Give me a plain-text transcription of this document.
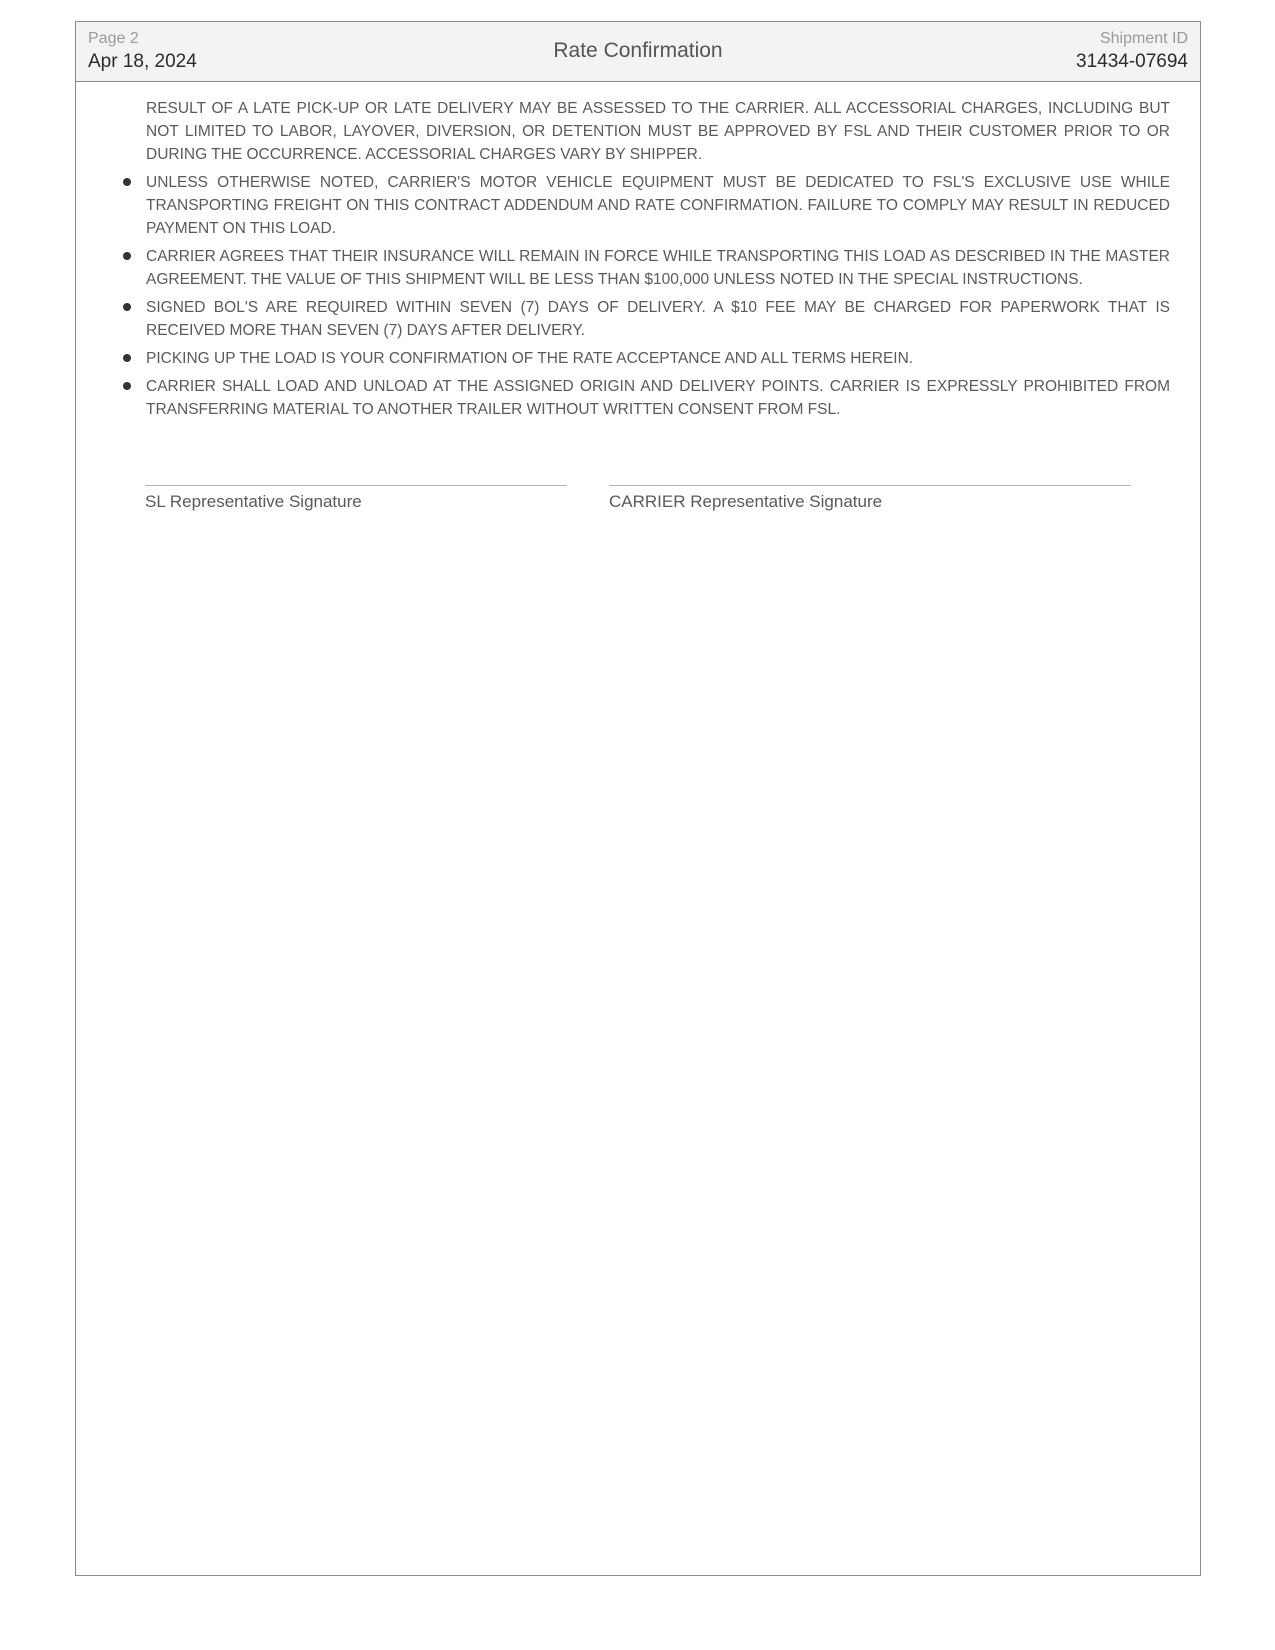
Page 2
Apr 18, 2024	Rate Confirmation
Shipment ID
31434-07694

RESULT OF A LATE PICK-UP OR LATE DELIVERY MAY BE ASSESSED TO THE CARRIER. ALL ACCESSORIAL CHARGES, INCLUDING BUT NOT LIMITED TO LABOR, LAYOVER, DIVERSION, OR DETENTION MUST BE APPROVED BY FSL AND THEIR CUSTOMER PRIOR TO OR DURING THE OCCURRENCE. ACCESSORIAL CHARGES VARY BY SHIPPER.

UNLESS OTHERWISE NOTED, CARRIER'S MOTOR VEHICLE EQUIPMENT MUST BE DEDICATED TO FSL'S EXCLUSIVE USE WHILE TRANSPORTING FREIGHT ON THIS CONTRACT ADDENDUM AND RATE CONFIRMATION. FAILURE TO COMPLY MAY RESULT IN REDUCED PAYMENT ON THIS LOAD.
CARRIER AGREES THAT THEIR INSURANCE WILL REMAIN IN FORCE WHILE TRANSPORTING THIS LOAD AS DESCRIBED IN THE MASTER AGREEMENT. THE VALUE OF THIS SHIPMENT WILL BE LESS THAN $100,000 UNLESS NOTED IN THE SPECIAL INSTRUCTIONS.
SIGNED BOL'S ARE REQUIRED WITHIN SEVEN (7) DAYS OF DELIVERY. A $10 FEE MAY BE CHARGED FOR PAPERWORK THAT IS RECEIVED MORE THAN SEVEN (7) DAYS AFTER DELIVERY.
PICKING UP THE LOAD IS YOUR CONFIRMATION OF THE RATE ACCEPTANCE AND ALL TERMS HEREIN.
CARRIER SHALL LOAD AND UNLOAD AT THE ASSIGNED ORIGIN AND DELIVERY POINTS. CARRIER IS EXPRESSLY PROHIBITED FROM TRANSFERRING MATERIAL TO ANOTHER TRAILER WITHOUT WRITTEN CONSENT FROM FSL.
SL Representative Signature	CARRIER Representative Signature
